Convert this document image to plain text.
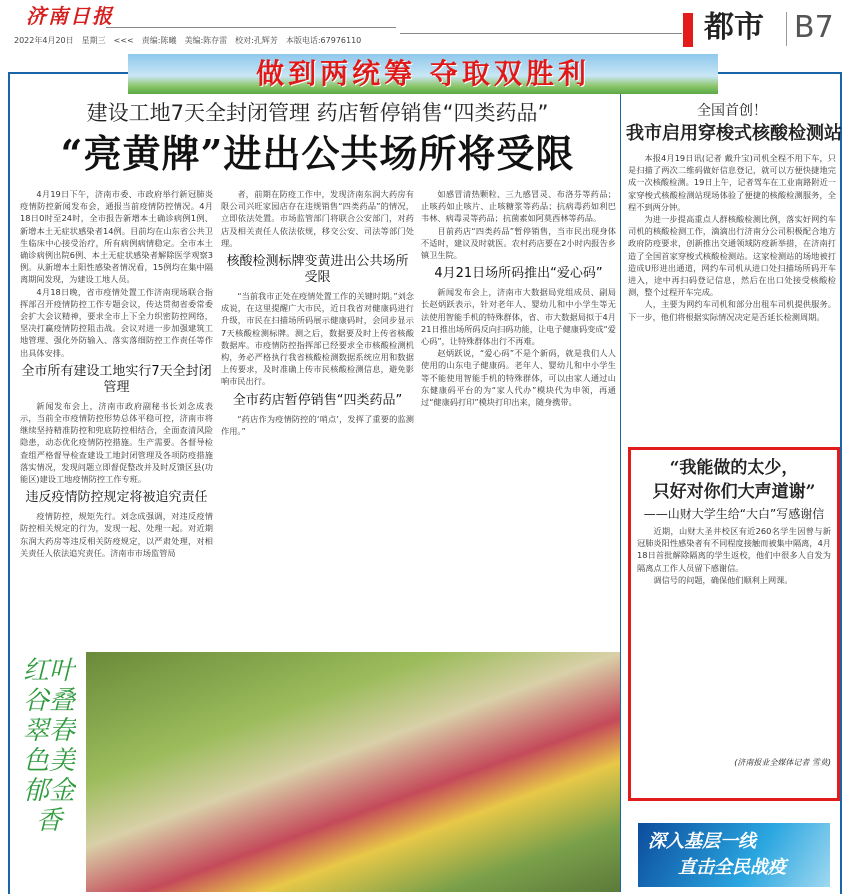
济南日报
2022年4月20日 星期三 <<< 责编:陈曦 美编:陈存雷 校对:孔辉芳 本版电话:67976110	都市 B7
做到两统筹 夺取双胜利
建设工地7天全封闭管理 药店暂停销售“四类药品”
“亮黄牌”进出公共场所将受限

4月19日下午，济南市委、市政府举行新冠肺炎疫情防控新闻发布会，通报当前疫情防控情况。4月18日0时至24时，全市报告新增本土确诊病例1例、新增本土无症状感染者14例。目前均在山东省公共卫生临床中心接受治疗，所有病例病情稳定。全市本土确诊病例出院6例、本土无症状感染者解除医学观察3例。从新增本土阳性感染者情况看，15例均在集中隔离期间发现，为建设工地人员。

4月18日晚，省市疫情处置工作济南现场联合指挥部召开疫情防控工作专题会议，传达贯彻省委常委会扩大会议精神，要求全市上下全力织密防控网络，坚决打赢疫情防控阻击战。会议对进一步加强建筑工地管理、强化外防输入、落实落细防控工作责任等作出具体安排。

全市所有建设工地实行7天全封闭管理

新闻发布会上，济南市政府副秘书长刘念成表示，当前全市疫情防控形势总体平稳可控，济南市将继续坚持精准防控和兜底防控相结合，全面查清风险隐患，动态优化疫情防控措施。生产需要。各督导检查组严格督导检查建设工地封闭管理及各项防疫措施落实情况，发现问题立即督促整改并及时反馈区县(功能区)建设工地疫情防控工作专班。

违反疫情防控规定将被追究责任

疫情防控，规矩先行。刘念成强调，对违反疫情防控相关规定的行为，发现一起、处理一起。对近期东润大药房等违反相关防疫规定，以严肃处理，对相关责任人依法追究责任。济南市市场监管局

者，前期在防疫工作中，发现济南东润大药房有限公司兴旺家园店存在违规销售“四类药品”的情况，立即依法处置。市场监管部门将联合公安部门，对药店及相关责任人依法依规，移交公安、司法等部门处理。

核酸检测标牌变黄进出公共场所受限

“当前我市正处在疫情处置工作的关键时期。”刘念成说，在这里提醒广大市民，近日我省对健康码进行升级，市民在扫描场所码展示健康码时，会同步显示7天核酸检测标牌。测之后，数据要及时上传省核酸数据库。市疫情防控指挥部已经要求全市核酸检测机构，务必严格执行我省核酸检测数据系统应用和数据上传要求，及时准确上传市民核酸检测信息，避免影响市民出行。

全市药店暂停销售“四类药品”

“药店作为疫情防控的‘哨点’，发挥了重要的监测作用。”

如感冒清热颗粒、三九感冒灵、布洛芬等药品；止咳药如止咳片、止咳糖浆等药品；抗病毒药如利巴韦林、病毒灵等药品；抗菌素如阿莫西林等药品。

目前药店“四类药品”暂停销售，当市民出现身体不适时，建议及时就医。农村药店要在2小时内报告乡镇卫生院。

4月21日场所码推出“爱心码”

新闻发布会上，济南市大数据局党组成员、副局长赵炳跃表示，针对老年人、婴幼儿和中小学生等无法使用智能手机的特殊群体，省、市大数据局拟于4月21日推出场所码反向扫码功能，让电子健康码变成“爱心码”，让特殊群体出行不再难。

赵炳跃说，“爱心码”不是个新码，就是我们人人使用的山东电子健康码。老年人、婴幼儿和中小学生等不能使用智能手机的特殊群体，可以由家人通过山东健康码平台的为“家人代办”模块代为申领，再通过“健康码打印”模块打印出来，随身携带。

红叶谷叠翠春色美 郁金香
全国首创！
我市启用穿梭式核酸检测站

本报4月19日讯(记者 戴升宝)司机全程不用下车，只是扫描了两次二维码做好信息登记，就可以方便快捷地完成一次核酸检测。19日上午，记者驾车在工业南路附近一家穿梭式核酸检测站现场体验了便捷的核酸检测服务，全程不到两分钟。

为进一步提高重点人群核酸检测比例，落实好网约车司机的核酸检测工作，滴滴出行济南分公司积极配合地方政府防疫要求，创新推出交通领域防疫新举措，在济南打造了全国首家穿梭式核酸检测站。这家检测站的场地被打造成U形进出通道，网约车司机从进口处扫描场所码开车进入，途中再扫码登记信息，然后在出口处接受核酸检测，整个过程开车完成。

人，主要为网约车司机和部分出租车司机提供服务。下一步，他们将根据实际情况决定是否延长检测周期。

“我能做的太少，
只好对你们大声道谢”
——山财大学生给“大白”写感谢信

近期，山财大圣井校区有近260名学生因曾与新冠肺炎阳性感染者有不同程度接触而被集中隔离，4月18日首批解除隔离的学生返校，他们中很多人自发为隔离点工作人员留下感谢信。

调信号的问题，确保他们顺利上网课。

(济南报业全媒体记者 雪莫)
深入基层一线
直击全民战疫
